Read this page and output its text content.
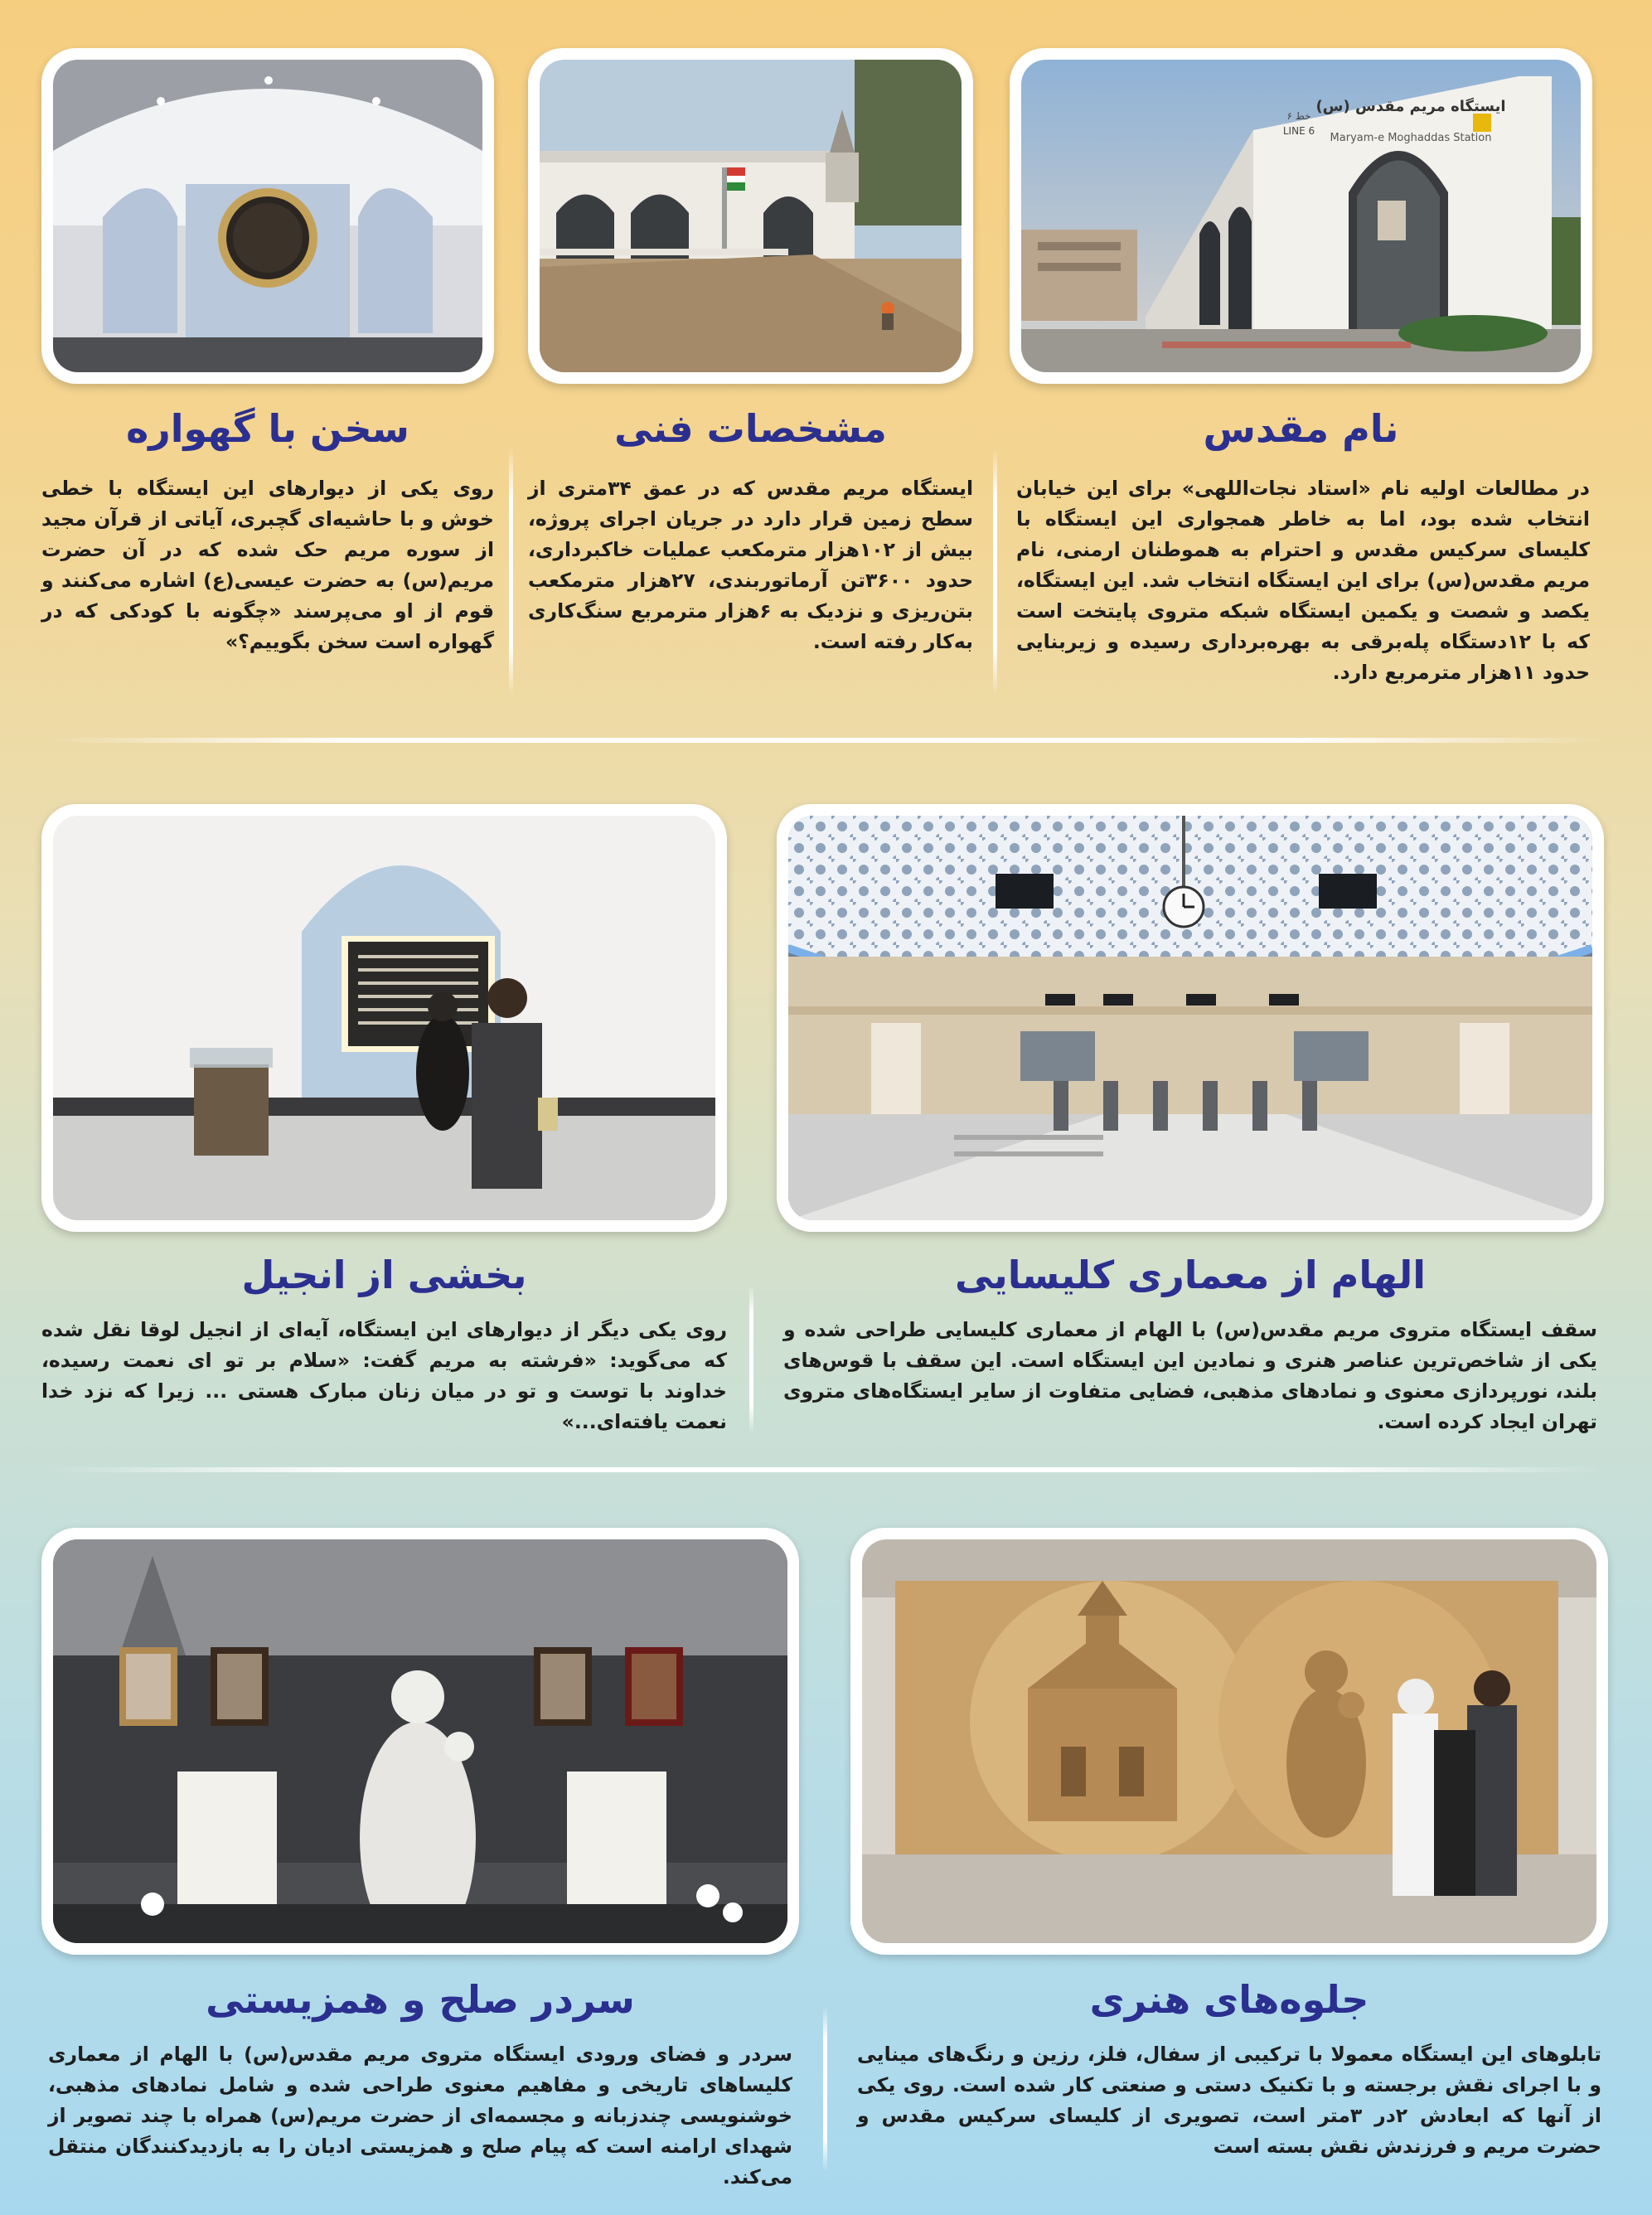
ایستگاه مریم مقدس (س)
Maryam-e Moghaddas Station
خط ۶
LINE 6
نام مقدس
مشخصات فنی
سخن با گهواره

در مطالعات اولیه نام «استاد نجات‌اللهی» برای این خیابان انتخاب شده بود، اما به خاطر همجواری این ایستگاه با کلیسای سرکیس مقدس و احترام به هموطنان ارمنی، نام مریم مقدس(س) برای این ایستگاه انتخاب شد. این ایستگاه، یکصد و شصت و یکمین ایستگاه شبکه متروی پایتخت است که با ۱۲دستگاه پله‌برقی به بهره‌برداری رسیده و زیربنایی حدود ۱۱هزار مترمربع دارد.

ایستگاه مریم مقدس که در عمق ۳۴متری از سطح زمین قرار دارد در جریان اجرای پروژه، بیش از ۱۰۲هزار مترمکعب عملیات خاکبرداری، حدود ۳۶۰۰تن آرماتوربندی، ۲۷هزار مترمکعب بتن‌ریزی و نزدیک به ۶هزار مترمربع سنگ‌کاری به‌کار رفته است.

روی یکی از دیوارهای این ایستگاه با خطی خوش و با حاشیه‌ای گچبری، آیاتی از قرآن مجید از سوره مریم حک شده که در آن حضرت مریم(س) به حضرت عیسی(ع) اشاره می‌کنند و قوم از او می‌پرسند «چگونه با کودکی که در گهواره است سخن بگوییم؟»

الهام از معماری کلیسایی
بخشی از انجیل

سقف ایستگاه متروی مریم مقدس(س) با الهام از معماری کلیسایی طراحی شده و یکی از شاخص‌ترین عناصر هنری و نمادین این ایستگاه است. این سقف با قوس‌های بلند، نورپردازی معنوی و نمادهای مذهبی، فضایی متفاوت از سایر ایستگاه‌های متروی تهران ایجاد کرده است.

روی یکی دیگر از دیوارهای این ایستگاه، آیه‌ای از انجیل لوقا نقل شده که می‌گوید: «فرشته به مریم گفت: «سلام بر تو ای نعمت رسیده، خداوند با توست و تو در میان زنان مبارک هستی ... زیرا که نزد خدا نعمت یافته‌ای...»

جلوه‌های هنری
سردر صلح و همزیستی

تابلوهای این ایستگاه معمولا با ترکیبی از سفال، فلز، رزین و رنگ‌های مینایی و با اجرای نقش برجسته و با تکنیک دستی و صنعتی کار شده است. روی یکی از آنها که ابعادش ۲در ۳متر است، تصویری از کلیسای سرکیس مقدس و حضرت مریم و فرزندش نقش بسته است

سردر و فضای ورودی ایستگاه متروی مریم مقدس(س) با الهام از معماری کلیساهای تاریخی و مفاهیم معنوی طراحی شده و شامل نمادهای مذهبی، خوشنویسی چندزبانه و مجسمه‌ای از حضرت مریم(س) همراه با چند تصویر از شهدای ارامنه است که پیام صلح و همزیستی ادیان را به بازدیدکنندگان منتقل می‌کند.
